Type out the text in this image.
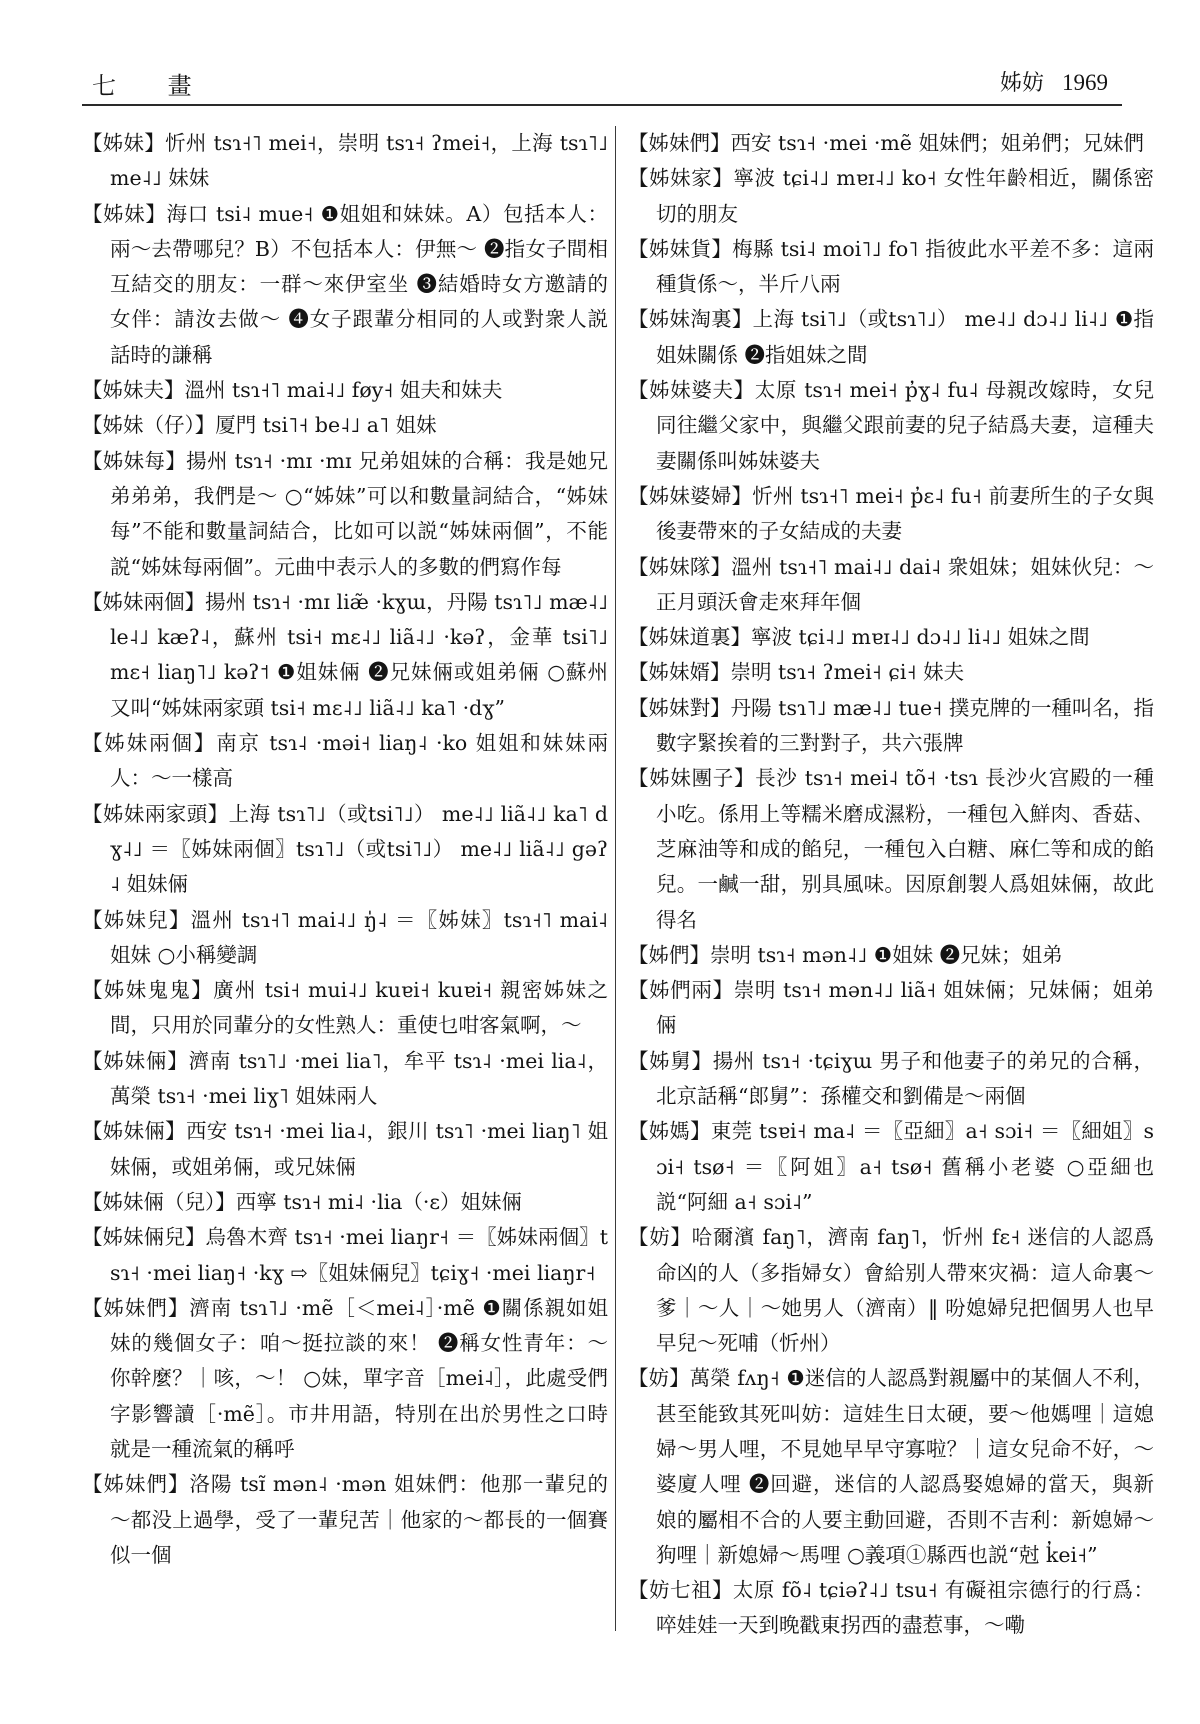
七 畫	姊妨 1969
【姊妹】忻州 tsɿ˧˥ mei˧，崇明 tsɿ˧ ʔmei˧，上海 tsɿ˥˩ me˨˩ 妹妹
【姊妹】海口 tsi˨ mue˧ ❶姐姐和妹妹。A）包括本人：兩～去帶哪兒？B）不包括本人：伊無～ ❷指女子間相互結交的朋友：一群～來伊室坐 ❸結婚時女方邀請的女伴：請汝去做～ ❹女子跟輩分相同的人或對衆人説話時的謙稱
【姊妹夫】溫州 tsɿ˧˥ mai˨˩ føy˧ 姐夫和妹夫
【姊妹（仔）】厦門 tsi˥˧ be˨˩ a˥ 姐妹
【姊妹每】揚州 tsɿ˧ ·mɪ ·mɪ 兄弟姐妹的合稱：我是她兄弟弟弟，我們是～ ○“姊妹”可以和數量詞結合，“姊妹每”不能和數量詞結合，比如可以説“姊妹兩個”，不能説“姊妹每兩個”。元曲中表示人的多數的們寫作每
【姊妹兩個】揚州 tsɿ˧ ·mɪ liæ̃ ·kɣɯ，丹陽 tsɿ˥˩ mæ˨˩ le˨˩ kæʔ˨，蘇州 tsi˧ mɛ˨˩ liã˨˩ ·kəʔ，金華 tsi˥˩ mɛ˧ liaŋ˥˩ kəʔ˦ ❶姐妹倆 ❷兄妹倆或姐弟倆 ○蘇州又叫“姊妹兩家頭 tsi˧ mɛ˨˩ liã˨˩ ka˥ ·dɣ”
【姊妹兩個】南京 tsɿ˨ ·məi˧ liaŋ˨ ·ko 姐姐和妹妹兩人：～一樣高
【姊妹兩家頭】上海 tsɿ˥˩（或tsi˥˩） me˨˩ liã˨˩ ka˥ dɣ˨˩ ＝〖姊妹兩個〗tsɿ˥˩（或tsi˥˩） me˨˩ liã˨˩ gəʔ˨ 姐妹倆
【姊妹兒】溫州 tsɿ˧˥ mai˨˩ ŋ̍˨ ＝〖姊妹〗tsɿ˧˥ mai˨ 姐妹 ○小稱變調
【姊妹鬼鬼】廣州 tsi˧ mui˨˩ kuɐi˧ kuɐi˧ 親密姊妹之間，只用於同輩分的女性熟人：重使乜咁客氣啊，～
【姊妹倆】濟南 tsɿ˥˩ ·mei lia˥，牟平 tsɿ˨ ·mei lia˨，萬榮 tsɿ˧ ·mei liɣ˥ 姐妹兩人
【姊妹倆】西安 tsɿ˧ ·mei lia˨，銀川 tsɿ˥ ·mei liaŋ˥ 姐妹倆，或姐弟倆，或兄妹倆
【姊妹倆（兒）】西寧 tsɿ˧ mi˨ ·lia（·ɛ）姐妹倆
【姊妹倆兒】烏魯木齊 tsɿ˧ ·mei liaŋr˧ ＝〖姊妹兩個〗tsɿ˧ ·mei liaŋ˧ ·kɣ ⇨〖姐妹倆兒〗tɕiɣ˧ ·mei liaŋr˧
【姊妹們】濟南 tsɿ˥˩ ·mẽ［＜mei˨］·mẽ ❶關係親如姐妹的幾個女子：咱～挺拉談的來！ ❷稱女性青年：～你幹麼？｜咳，～！ ○妹，單字音［mei˨］，此處受們字影響讀［·mẽ］。市井用語，特別在出於男性之口時就是一種流氣的稱呼
【姊妹們】洛陽 tsɪ̃ mən˨ ·mən 姐妹們：他那一輩兒的～都没上過學，受了一輩兒苦｜他家的～都長的一個賽似一個
【姊妹們】西安 tsɿ˧ ·mei ·mẽ 姐妹們；姐弟們；兄妹們
【姊妹家】寧波 tɕi˨˩ mɐɪ˨˩ ko˧ 女性年齡相近，關係密切的朋友
【姊妹貨】梅縣 tsi˨ moi˥˩ fo˥ 指彼此水平差不多：這兩種貨係～，半斤八兩
【姊妹淘裏】上海 tsi˥˩（或tsɿ˥˩） me˨˩ dɔ˨˩ li˨˩ ❶指姐妹關係 ❷指姐妹之間
【姊妹婆夫】太原 tsɿ˧ mei˧ p̓ɣ˨ fu˨ 母親改嫁時，女兒同往繼父家中，與繼父跟前妻的兒子結爲夫妻，這種夫妻關係叫姊妹婆夫
【姊妹婆婦】忻州 tsɿ˧˥ mei˧ p̓ɛ˨ fu˧ 前妻所生的子女與後妻帶來的子女結成的夫妻
【姊妹隊】溫州 tsɿ˧˥ mai˨˩ dai˨ 衆姐妹；姐妹伙兒：～正月頭沃會走來拜年個
【姊妹道裏】寧波 tɕi˨˩ mɐɪ˨˩ dɔ˨˩ li˨˩ 姐妹之間
【姊妹婿】崇明 tsɿ˧ ʔmei˧ ɕi˧ 妹夫
【姊妹對】丹陽 tsɿ˥˩ mæ˨˩ tue˧ 撲克牌的一種叫名，指數字緊挨着的三對對子，共六張牌
【姊妹團子】長沙 tsɿ˧ mei˨ tõ˧ ·tsɿ 長沙火宫殿的一種小吃。係用上等糯米磨成濕粉，一種包入鮮肉、香菇、芝麻油等和成的餡兒，一種包入白糖、麻仁等和成的餡兒。一鹹一甜，别具風味。因原創製人爲姐妹倆，故此得名
【姊們】崇明 tsɿ˧ mən˨˩ ❶姐妹 ❷兄妹；姐弟
【姊們兩】崇明 tsɿ˧ mən˨˩ liã˧ 姐妹倆；兄妹倆；姐弟倆
【姊舅】揚州 tsɿ˧ ·tɕiɣɯ 男子和他妻子的弟兄的合稱，北京話稱“郎舅”：孫權交和劉備是～兩個
【姊媽】東莞 tsɐi˧ ma˨ ＝〖亞細〗a˧ sɔi˧ ＝〖細姐〗sɔi˧ tsø˧ ＝〖阿姐〗a˧ tsø˧ 舊稱小老婆 ○亞細也説“阿細 a˧ sɔi˨”
【妨】哈爾濱 faŋ˥，濟南 faŋ˥，忻州 fɛ˧ 迷信的人認爲命凶的人（多指婦女）會給别人帶來灾禍：這人命裏～爹｜～人｜～她男人（濟南）‖ 吩媳婦兒把個男人也早早兒～死哺（忻州）
【妨】萬榮 fʌŋ˧ ❶迷信的人認爲對親屬中的某個人不利，甚至能致其死叫妨：這娃生日太硬，要～他媽哩｜這媳婦～男人哩，不見她早早守寡啦？｜這女兒命不好，～婆廈人哩 ❷回避，迷信的人認爲娶媳婦的當天，與新娘的屬相不合的人要主動回避，否則不吉利：新媳婦～狗哩｜新媳婦～馬哩 ○義項①縣西也説“尅 k̓ei˧”
【妨七祖】太原 fõ˨ tɕiəʔ˨˩ tsu˧ 有礙祖宗德行的行爲：啐娃娃一天到晚戳東拐西的盡惹事，～嘞
